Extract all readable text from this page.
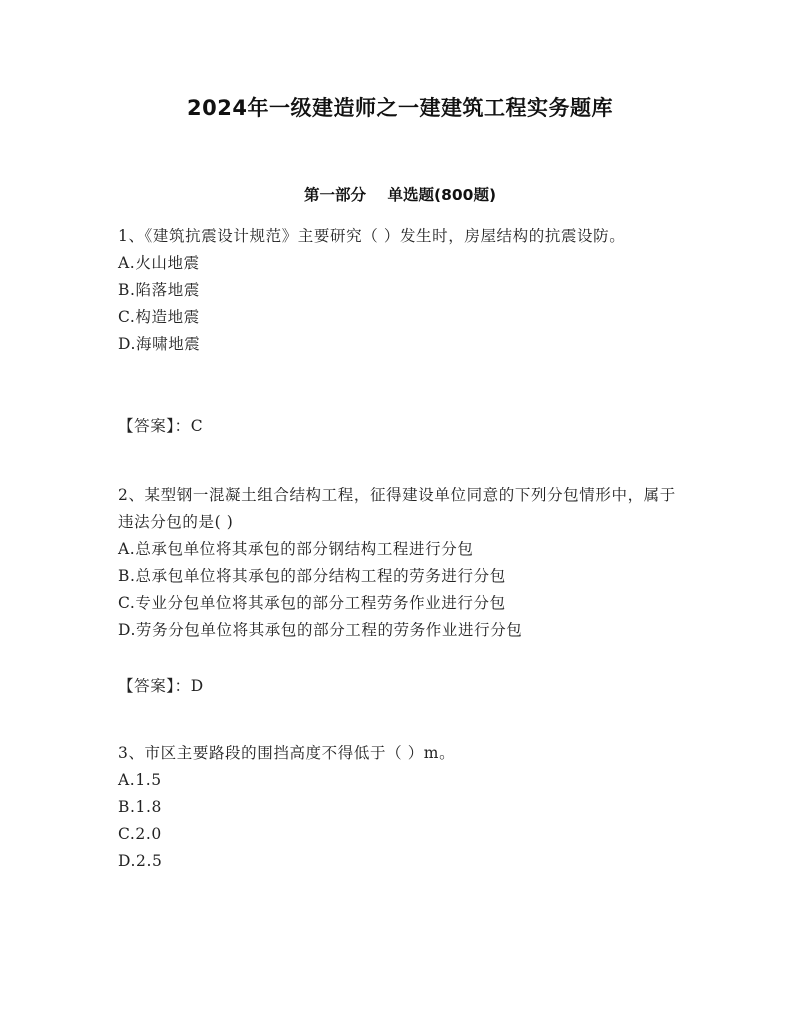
2024年一级建造师之一建建筑工程实务题库
第一部分    单选题(800题)

1、《建筑抗震设计规范》主要研究（ ）发生时，房屋结构的抗震设防。

A.火山地震

B.陷落地震

C.构造地震

D.海啸地震

【答案】：C

2、某型钢一混凝土组合结构工程，征得建设单位同意的下列分包情形中，属于违法分包的是( )

A.总承包单位将其承包的部分钢结构工程进行分包

B.总承包单位将其承包的部分结构工程的劳务进行分包

C.专业分包单位将其承包的部分工程劳务作业进行分包

D.劳务分包单位将其承包的部分工程的劳务作业进行分包

【答案】：D

3、市区主要路段的围挡高度不得低于（ ）m。

A.1.5

B.1.8

C.2.0

D.2.5
